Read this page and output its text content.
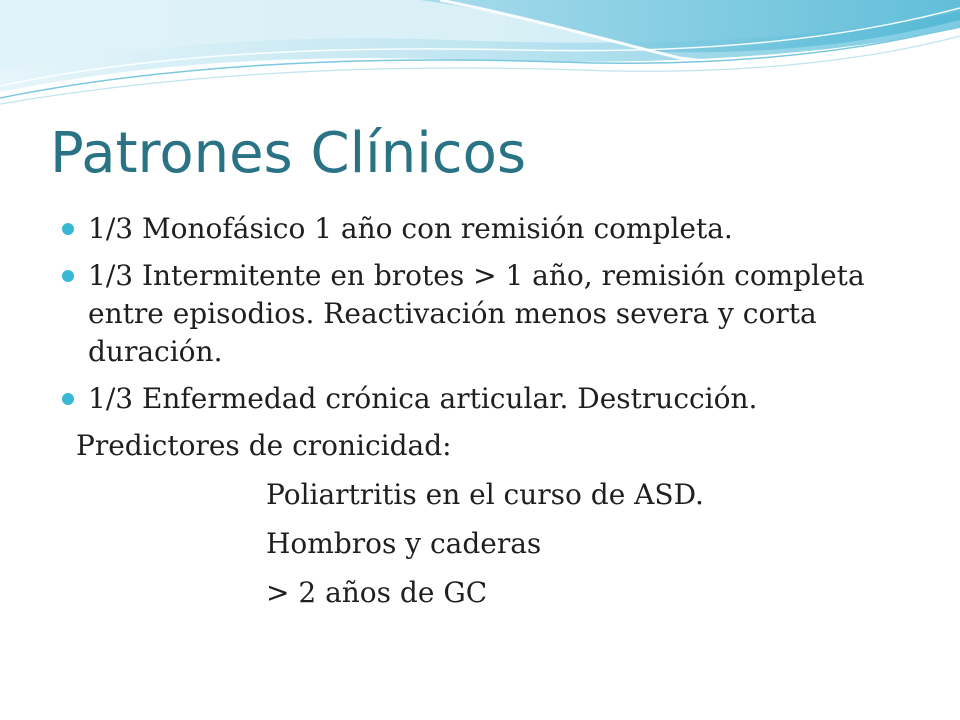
Patrones Clínicos
1/3 Monofásico 1 año con remisión completa.
1/3 Intermitente en brotes > 1 año, remisión completa entre episodios. Reactivación menos severa y corta duración.
1/3 Enfermedad crónica articular. Destrucción.
Predictores de cronicidad:
Poliartritis en el curso de ASD.
Hombros y caderas
> 2 años de GC
